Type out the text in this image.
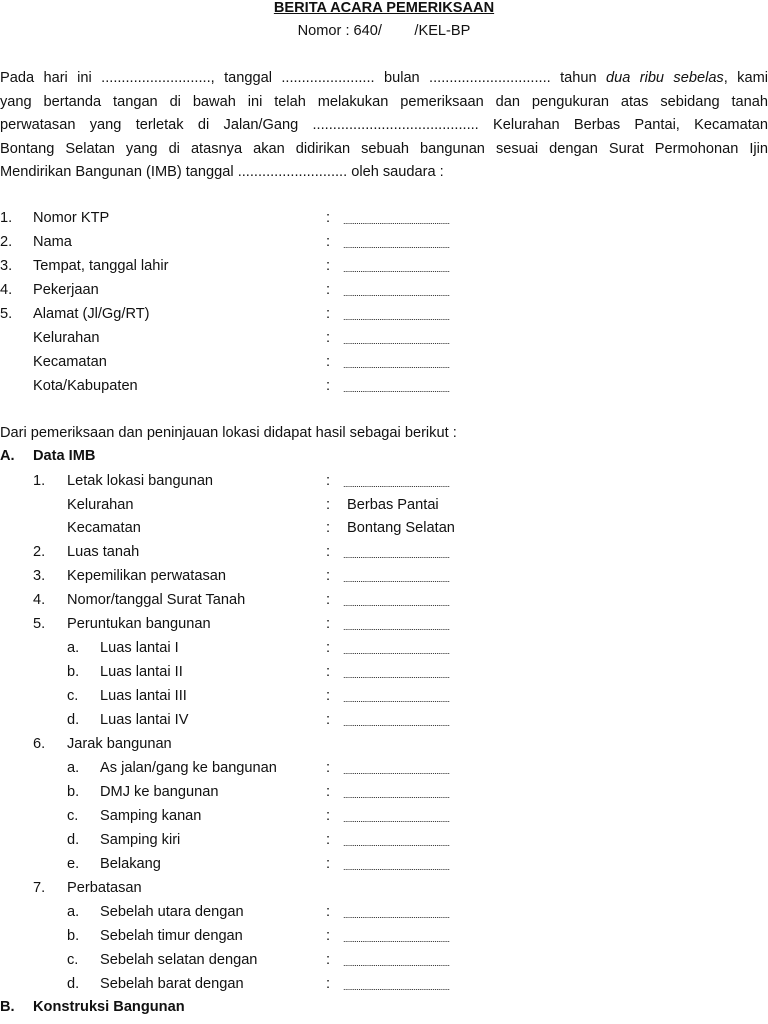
BERITA ACARA PEMERIKSAAN
Nomor : 640/ /KEL-BP
Pada hari ini ..........................., tanggal ....................... bulan .............................. tahun dua ribu sebelas, kami
yang bertanda tangan di bawah ini telah melakukan pemeriksaan dan pengukuran atas sebidang tanah
perwatasan yang terletak di Jalan/Gang ......................................... Kelurahan Berbas Pantai, Kecamatan
Bontang Selatan yang di atasnya akan didirikan sebuah bangunan sesuai dengan Surat Permohonan Ijin
Mendirikan Bangunan (IMB) tanggal ........................... oleh saudara :
1. Nomor KTP	: ........................................................
2. Nama	: ........................................................
3. Tempat, tanggal lahir	: ........................................................
4. Pekerjaan	: ........................................................
5. Alamat (Jl/Gg/RT)	: ........................................................
Kelurahan	: ........................................................
Kecamatan	: ........................................................
Kota/Kabupaten	: ........................................................
Dari pemeriksaan dan peninjauan lokasi didapat hasil sebagai berikut :
A. Data IMB
1. Letak lokasi bangunan	: ........................................................
Kelurahan	: Berbas Pantai
Kecamatan	: Bontang Selatan
2. Luas tanah	: ........................................................
3. Kepemilikan perwatasan	: ........................................................
4. Nomor/tanggal Surat Tanah	: ........................................................
5. Peruntukan bangunan	: ........................................................
a. Luas lantai I	: ........................................................
b. Luas lantai II	: ........................................................
c. Luas lantai III	: ........................................................
d. Luas lantai IV	: ........................................................
6. Jarak bangunan
a. As jalan/gang ke bangunan	: ........................................................
b. DMJ ke bangunan	: ........................................................
c. Samping kanan	: ........................................................
d. Samping kiri	: ........................................................
e. Belakang	: ........................................................
7. Perbatasan
a. Sebelah utara dengan	: ........................................................
b. Sebelah timur dengan	: ........................................................
c. Sebelah selatan dengan	: ........................................................
d. Sebelah barat dengan	: ........................................................
B. Konstruksi Bangunan
